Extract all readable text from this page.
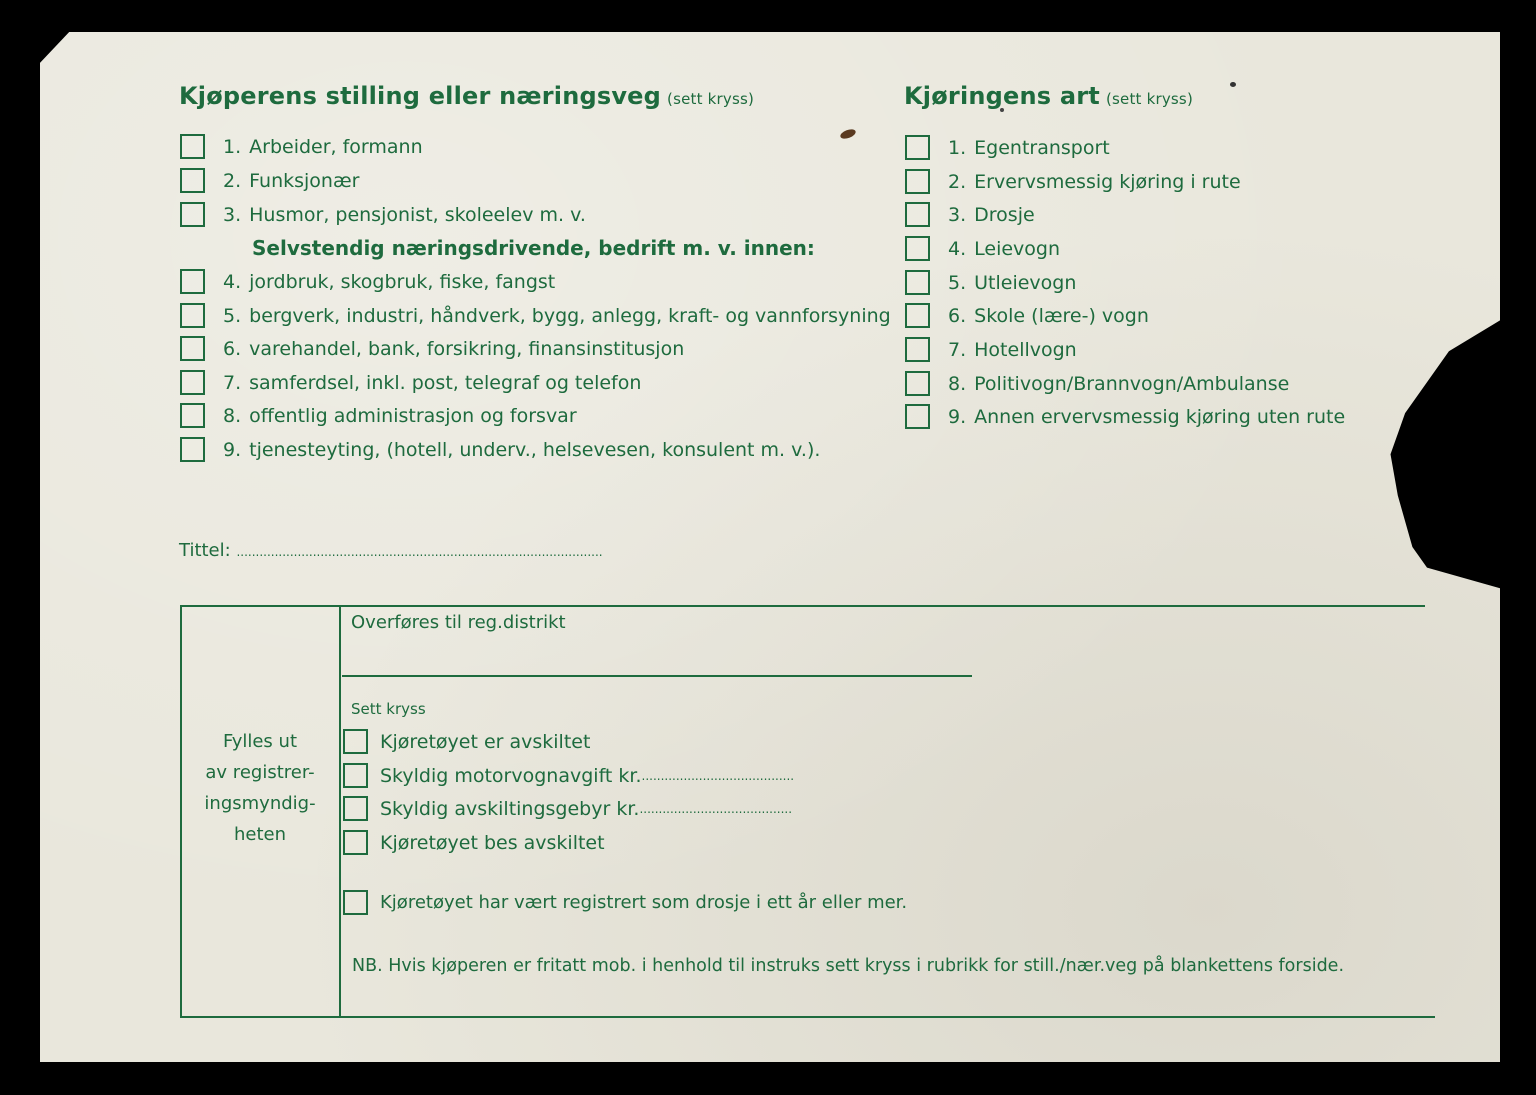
Kjøperens stilling eller næringsveg (sett kryss)
1. Arbeider, formann
2. Funksjonær
3. Husmor, pensjonist, skoleelev m. v.
Selvstendig næringsdrivende, bedrift m. v. innen:
4. jordbruk, skogbruk, fiske, fangst
5. bergverk, industri, håndverk, bygg, anlegg, kraft- og vannforsyning
6. varehandel, bank, forsikring, finansinstitusjon
7. samferdsel, inkl. post, telegraf og telefon
8. offentlig administrasjon og forsvar
9. tjenesteyting, (hotell, underv., helsevesen, konsulent m. v.).
Kjøringens art (sett kryss)
1. Egentransport
2. Ervervsmessig kjøring i rute
3. Drosje
4. Leievogn
5. Utleievogn
6. Skole (lære-) vogn
7. Hotellvogn
8. Politivogn/Brannvogn/Ambulanse
9. Annen ervervsmessig kjøring uten rute
Tittel: ................................................................................................
Fylles ut
av registrer-
ingsmyndig-
heten
Overføres til reg.distrikt
Sett kryss
Kjøretøyet er avskiltet
Skyldig motorvognavgift kr. ........................................
Skyldig avskiltingsgebyr kr. ........................................
Kjøretøyet bes avskiltet
Kjøretøyet har vært registrert som drosje i ett år eller mer.
NB. Hvis kjøperen er fritatt mob. i henhold til instruks sett kryss i rubrikk for still./nær.veg på blankettens forside.
